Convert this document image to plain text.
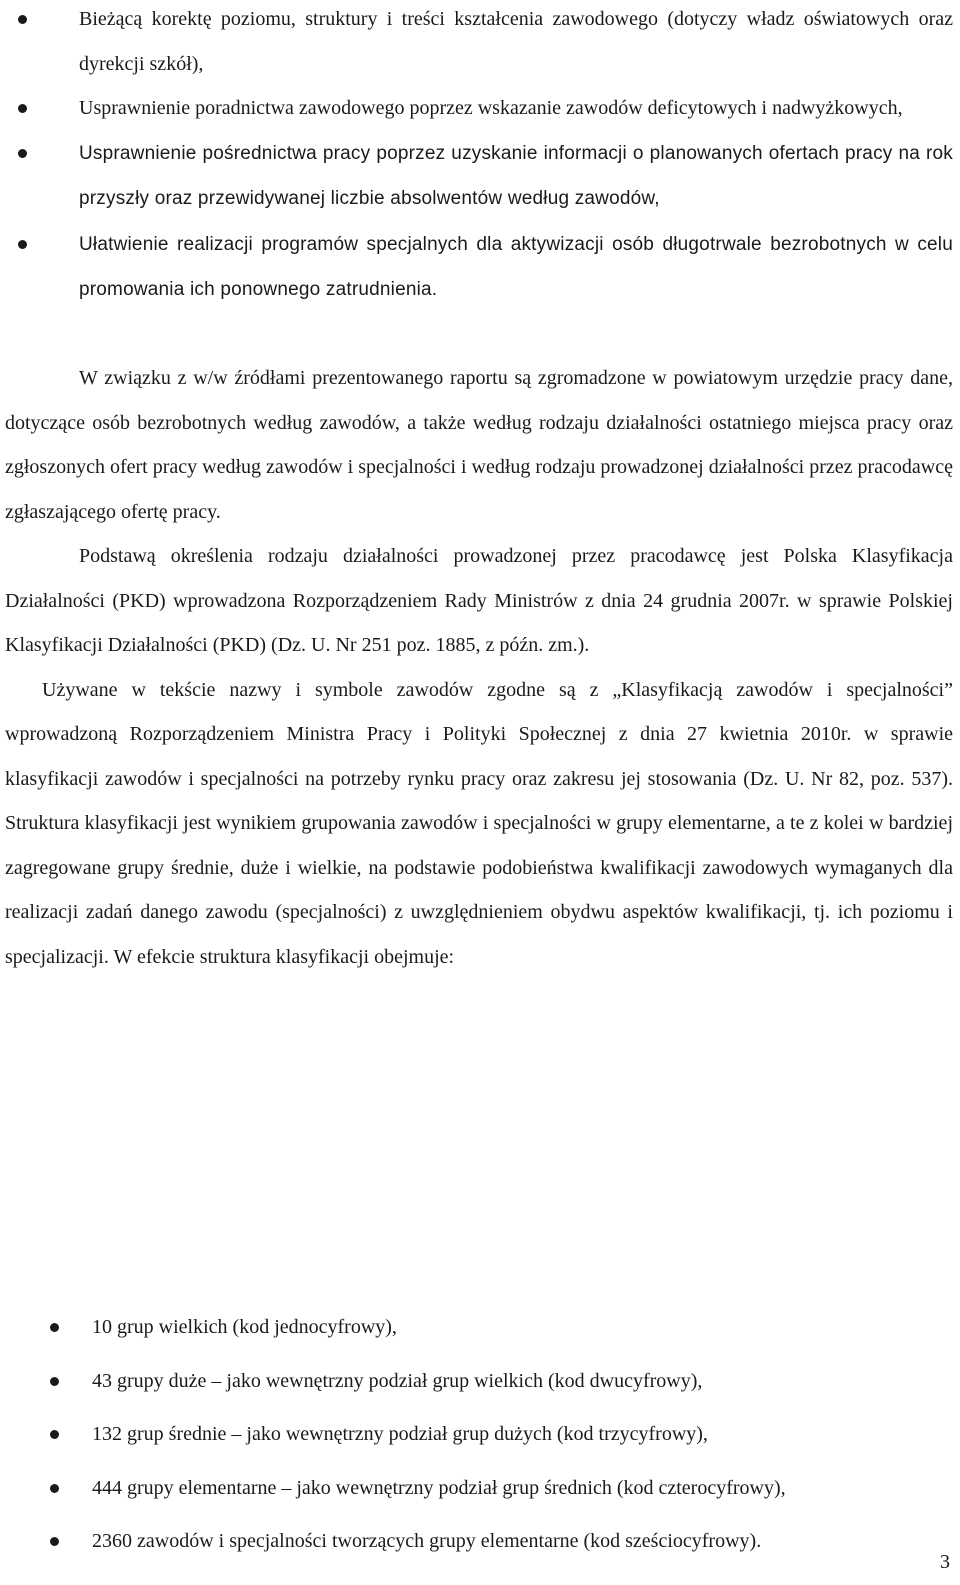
Bieżącą korektę poziomu, struktury i treści kształcenia zawodowego (dotyczy władz oświatowych oraz dyrekcji szkół),
Usprawnienie poradnictwa zawodowego poprzez wskazanie zawodów deficytowych i nadwyżkowych,
Usprawnienie pośrednictwa pracy poprzez uzyskanie informacji o planowanych ofertach pracy na rok przyszły oraz przewidywanej liczbie absolwentów według zawodów,
Ułatwienie realizacji programów specjalnych dla aktywizacji osób długotrwale bezrobotnych w celu promowania ich ponownego zatrudnienia.

W związku z w/w źródłami prezentowanego raportu są zgromadzone w powiatowym urzędzie pracy dane, dotyczące osób bezrobotnych według zawodów, a także według rodzaju działalności ostatniego miejsca pracy oraz zgłoszonych ofert pracy według zawodów i specjalności i według rodzaju prowadzonej działalności przez pracodawcę zgłaszającego ofertę pracy.

Podstawą określenia rodzaju działalności prowadzonej przez pracodawcę jest Polska Klasyfikacja Działalności (PKD) wprowadzona Rozporządzeniem Rady Ministrów z dnia 24 grudnia 2007r. w sprawie Polskiej Klasyfikacji Działalności (PKD) (Dz. U. Nr 251 poz. 1885, z późn. zm.).

Używane w tekście nazwy i symbole zawodów zgodne są z „Klasyfikacją zawodów i specjalności” wprowadzoną Rozporządzeniem Ministra Pracy i Polityki Społecznej z dnia 27 kwietnia 2010r. w sprawie klasyfikacji zawodów i specjalności na potrzeby rynku pracy oraz zakresu jej stosowania (Dz. U. Nr 82, poz. 537). Struktura klasyfikacji jest wynikiem grupowania zawodów i specjalności w grupy elementarne, a te z kolei w bardziej zagregowane grupy średnie, duże i wielkie, na podstawie podobieństwa kwalifikacji zawodowych wymaganych dla realizacji zadań danego zawodu (specjalności) z uwzględnieniem obydwu aspektów kwalifikacji, tj. ich poziomu i specjalizacji. W efekcie struktura klasyfikacji obejmuje:

10 grup wielkich (kod jednocyfrowy),
43 grupy duże – jako wewnętrzny podział grup wielkich (kod dwucyfrowy),
132 grup średnie – jako wewnętrzny podział grup dużych (kod trzycyfrowy),
444 grupy elementarne – jako wewnętrzny podział grup średnich (kod czterocyfrowy),
2360 zawodów i specjalności tworzących grupy elementarne (kod sześciocyfrowy).
3
